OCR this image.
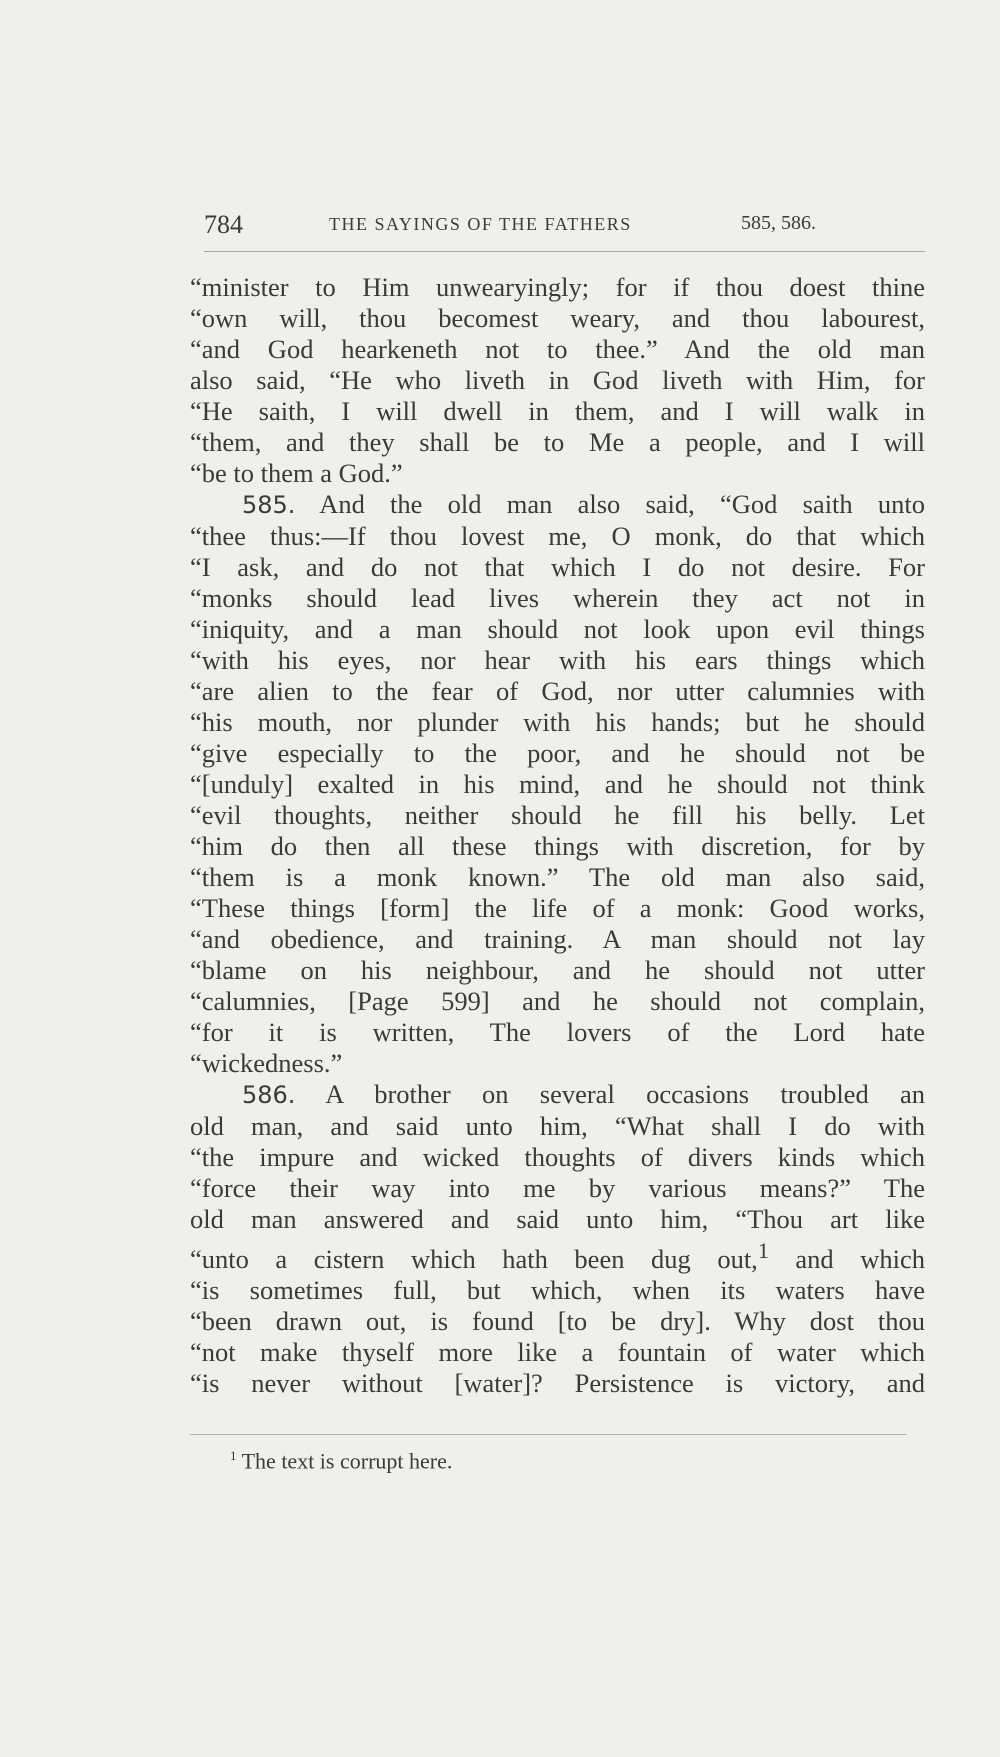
784	THE SAYINGS OF THE FATHERS	585, 586.

“minister to Him unwearyingly; for if thou doest thine

“own will, thou becomest weary, and thou labourest,

“and God hearkeneth not to thee.” And the old man

also said, “He who liveth in God liveth with Him, for

“He saith, I will dwell in them, and I will walk in

“them, and they shall be to Me a people, and I will

“be to them a God.”

585. And the old man also said, “God saith unto

“thee thus:—If thou lovest me, O monk, do that which

“I ask, and do not that which I do not desire. For

“monks should lead lives wherein they act not in

“iniquity, and a man should not look upon evil things

“with his eyes, nor hear with his ears things which

“are alien to the fear of God, nor utter calumnies with

“his mouth, nor plunder with his hands; but he should

“give especially to the poor, and he should not be

“[unduly] exalted in his mind, and he should not think

“evil thoughts, neither should he fill his belly. Let

“him do then all these things with discretion, for by

“them is a monk known.” The old man also said,

“These things [form] the life of a monk: Good works,

“and obedience, and training. A man should not lay

“blame on his neighbour, and he should not utter

“calumnies, [Page 599] and he should not complain,

“for it is written, The lovers of the Lord hate

“wickedness.”

586. A brother on several occasions troubled an

old man, and said unto him, “What shall I do with

“the impure and wicked thoughts of divers kinds which

“force their way into me by various means?” The

old man answered and said unto him, “Thou art like

“unto a cistern which hath been dug out,$^1$ and which

“is sometimes full, but which, when its waters have

“been drawn out, is found [to be dry]. Why dost thou

“not make thyself more like a fountain of water which

“is never without [water]? Persistence is victory, and

$^1$ The text is corrupt here.
